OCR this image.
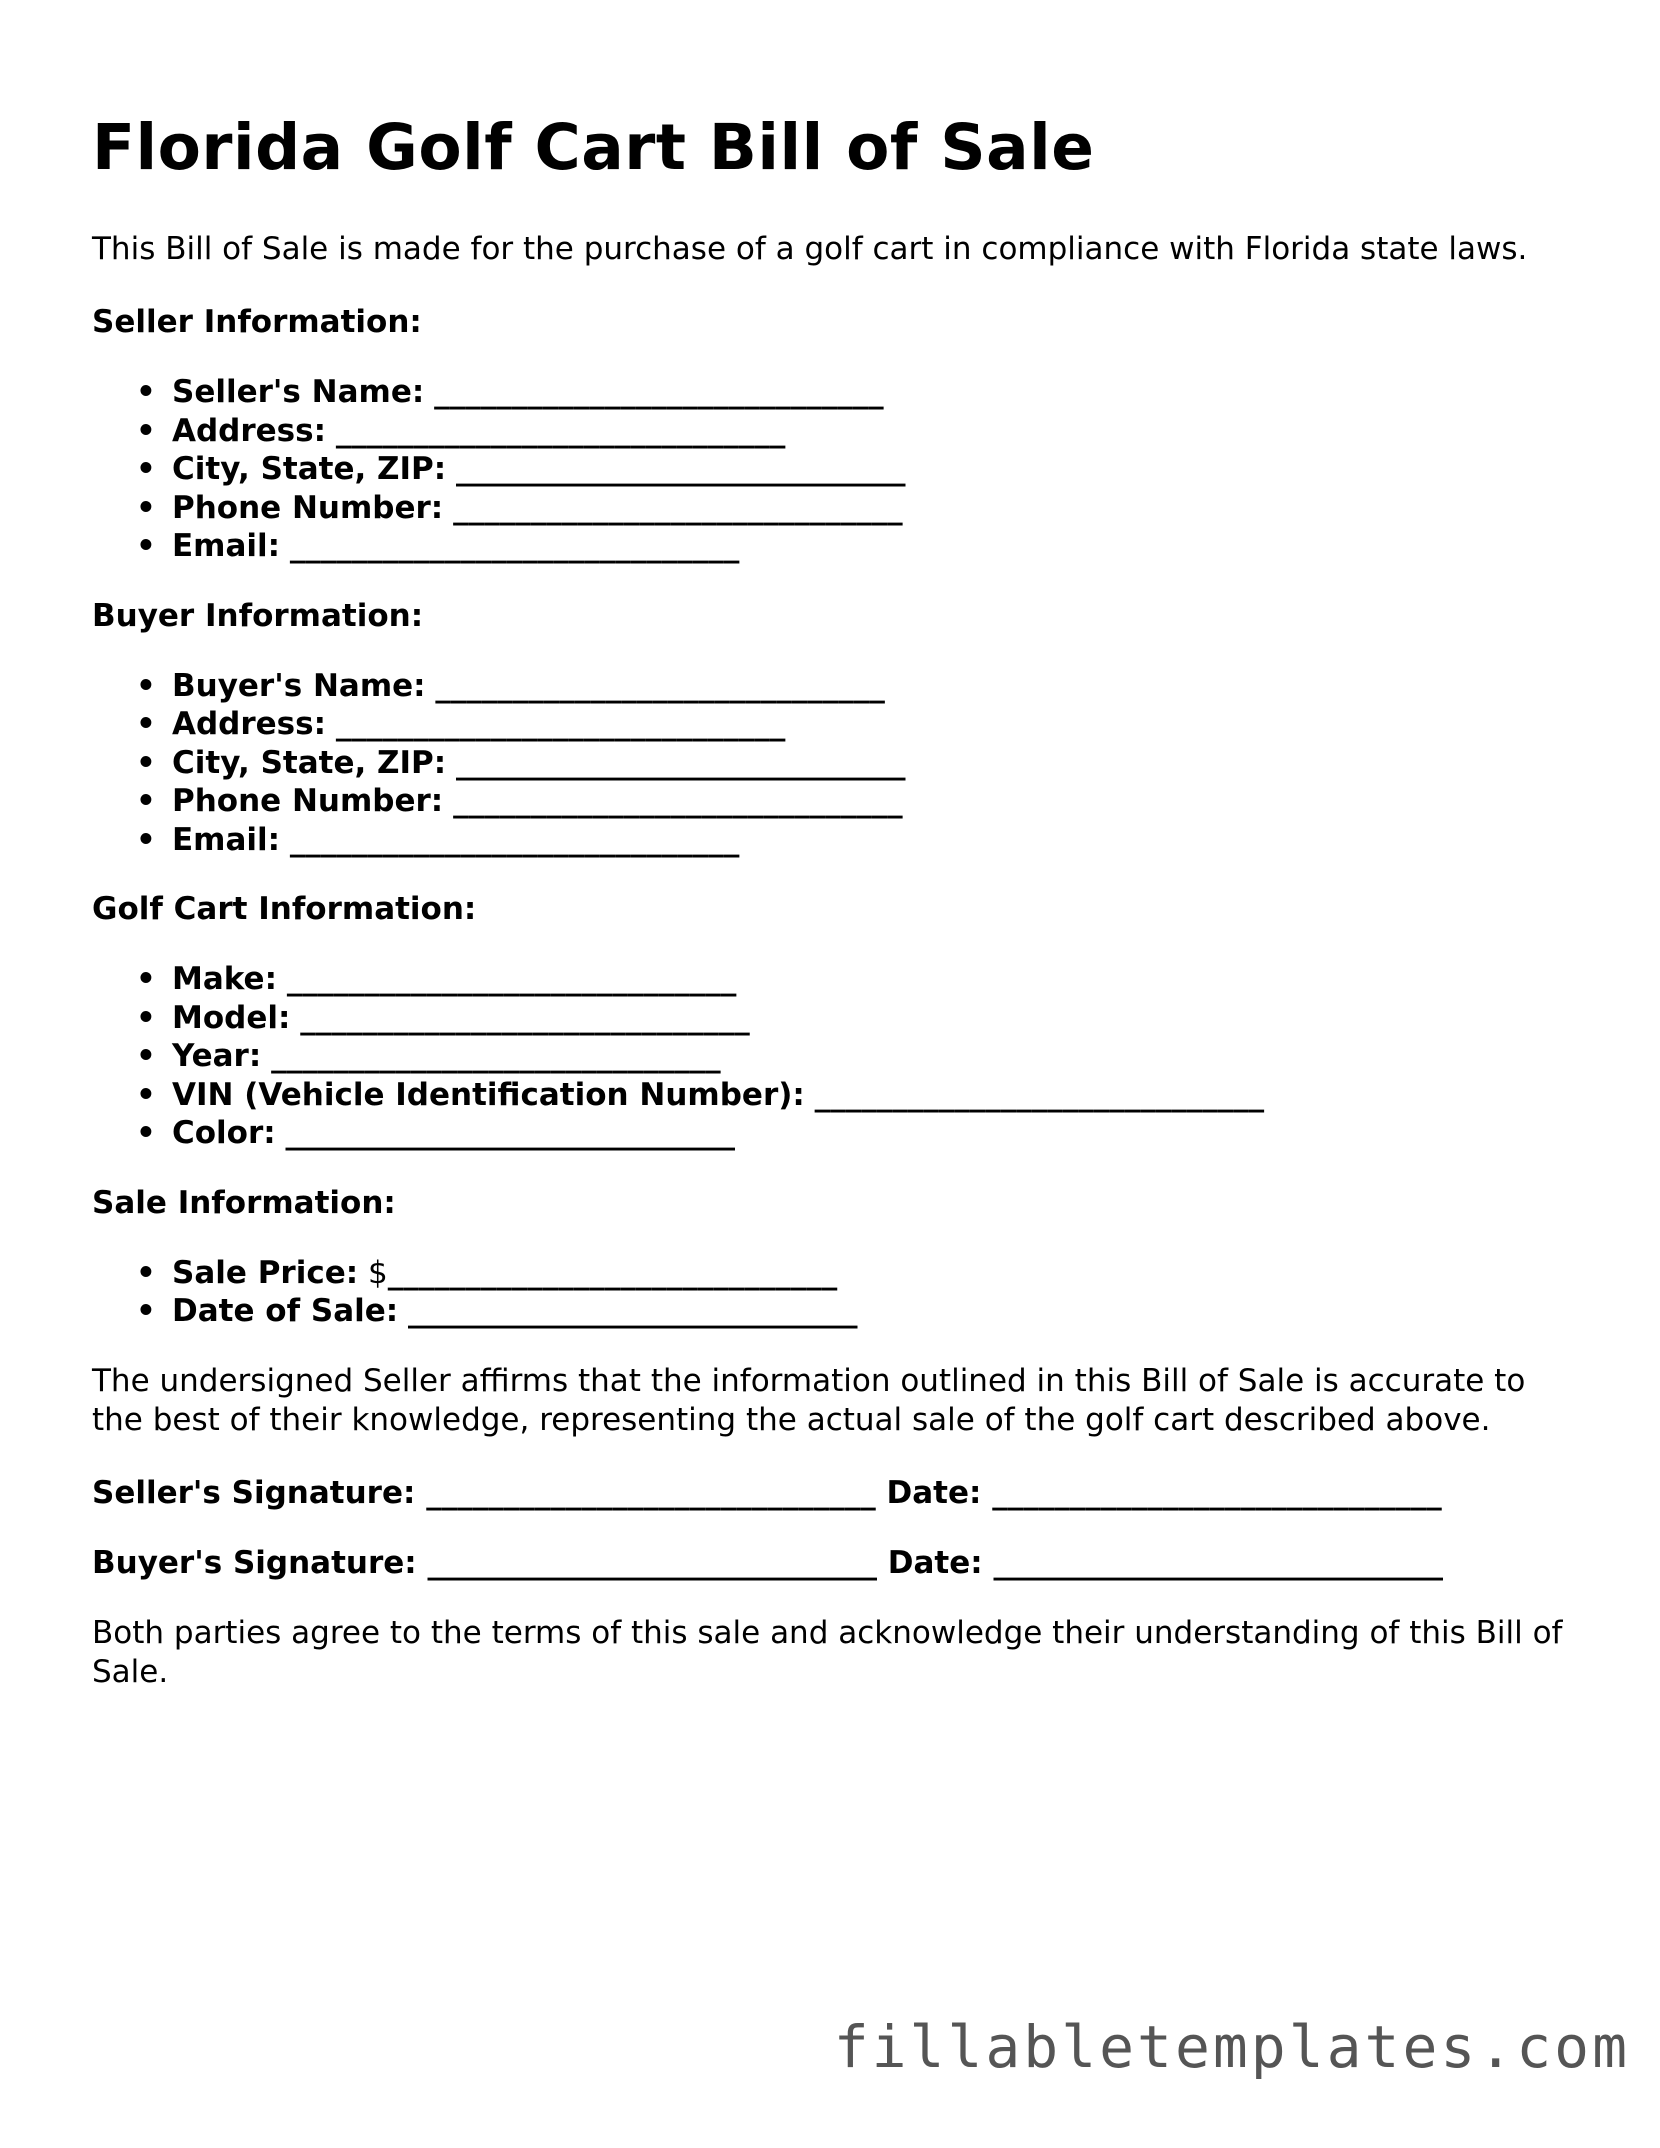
Florida Golf Cart Bill of Sale

This Bill of Sale is made for the purchase of a golf cart in compliance with Florida state laws.

Seller Information:
• Seller's Name: _____________________________
• Address: _____________________________
• City, State, ZIP: _____________________________
• Phone Number: _____________________________
• Email: _____________________________
Buyer Information:
• Buyer's Name: _____________________________
• Address: _____________________________
• City, State, ZIP: _____________________________
• Phone Number: _____________________________
• Email: _____________________________
Golf Cart Information:
• Make: _____________________________
• Model: _____________________________
• Year: _____________________________
• VIN (Vehicle Identification Number): _____________________________
• Color: _____________________________
Sale Information:
• Sale Price: $_____________________________
• Date of Sale: _____________________________

The undersigned Seller affirms that the information outlined in this Bill of Sale is accurate to the best of their knowledge, representing the actual sale of the golf cart described above.

Seller's Signature: _____________________________ Date: _____________________________
Buyer's Signature: _____________________________ Date: _____________________________

Both parties agree to the terms of this sale and acknowledge their understanding of this Bill of Sale.

fillabletemplates.com
